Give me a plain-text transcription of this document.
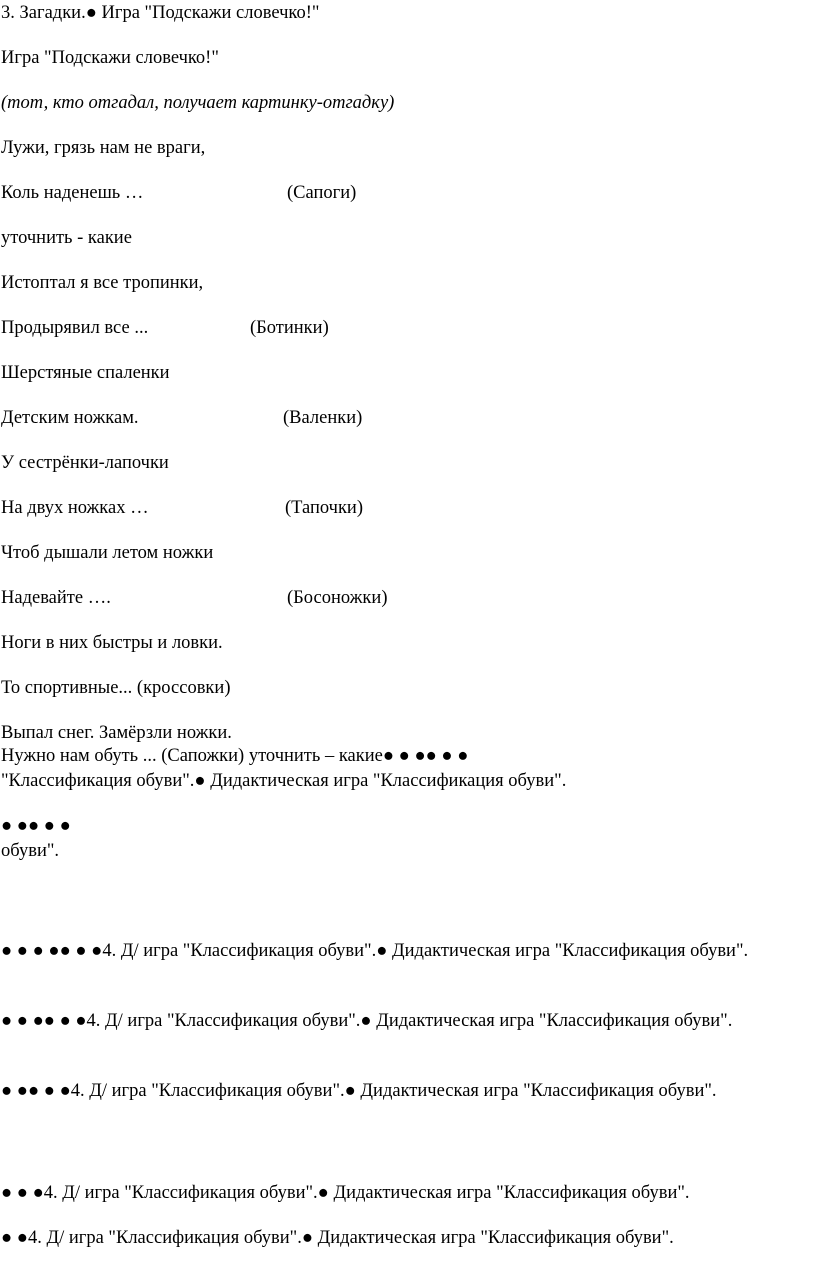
3. Загадки.● Игра "Подскажи словечко!"
Игра "Подскажи словечко!"
(тот, кто отгадал, получает картинку-отгадку)
Лужи, грязь нам не враги,
Коль наденешь …	(Сапоги)
уточнить - какие
Истоптал я все тропинки,
Продырявил все ...	(Ботинки)
Шерстяные спаленки
Детским ножкам.	(Валенки)
У сестрёнки-лапочки
На двух ножках …	(Тапочки)
Чтоб дышали летом ножки
Надевайте ….	(Босоножки)
Ноги в них быстры и ловки.
То спортивные... (кроссовки)
Выпал снег. Замёрзли ножки.
Нужно нам обуть ... (Сапожки) уточнить – какие● ● ●● ● ●
"Классификация обуви".● Дидактическая игра "Классификация обуви".
● ●● ● ●
обуви".
● ● ● ●● ● ●4. Д/ игра "Классификация обуви".● Дидактическая игра "Классификация обуви".
● ● ●● ● ●4. Д/ игра "Классификация обуви".● Дидактическая игра "Классификация обуви".
● ●● ● ●4. Д/ игра "Классификация обуви".● Дидактическая игра "Классификация обуви".
● ● ●4. Д/ игра "Классификация обуви".● Дидактическая игра "Классификация обуви".
● ●4. Д/ игра "Классификация обуви".● Дидактическая игра "Классификация обуви".
